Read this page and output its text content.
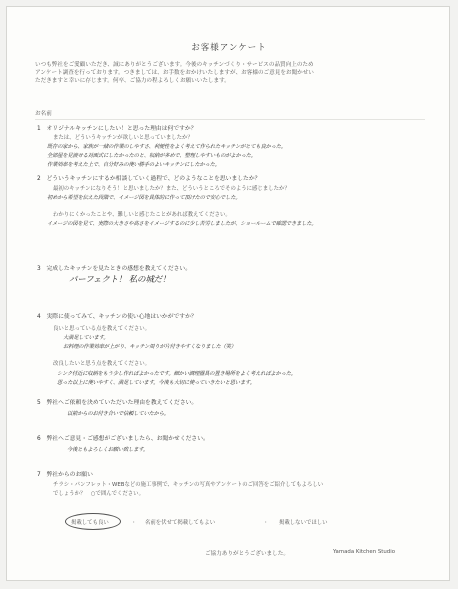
お客様アンケート
いつも弊社をご愛顧いただき、誠にありがとうございます。今後のキッチンづくり・サービスの品質向上のため
アンケート調査を行っております。つきましては、お手数をおかけいたしますが、お客様のご意見をお聞かせい
ただきますと幸いに存じます。何卒、ご協力の程よろしくお願いいたします。
お名前
1　オリジナルキッチンにしたい！と思った理由は何ですか？
または、どういうキッチンが欲しいと思っていましたか？
既存の家から、家族が一緒の作業のしやすさ、利便性をよく考えて作られたキッチンがとても良かった。
全部屋を見渡せる対面式にしたかったのと、収納が多めで、整理しやすいものがよかった。
作業効率を考えた上で、自分好みの使い勝手のよいキッチンにしたかった。
2　どういうキッチンにするか相談していく過程で、どのようなことを思いましたか？
最初のキッチンになりそう！と思いましたか？また、どういうところでそのように感じましたか？
初めから希望を伝えた段階で、イメージ図を具体的に作って頂けたので安心でした。
わかりにくかったことや、難しいと感じたことがあれば教えてください。
イメージの図を見て、実際の大きさや高さをイメージするのに少し苦労しましたが、ショールームで確認できました。
3　完成したキッチンを見たときの感想を教えてください。
パーフェクト！ 私の城だ！
4　実際に使ってみて、キッチンの使い心地はいかがですか？
良いと思っている点を教えてください。
大満足しています。
お料理の作業効率が上がり、キッチン周りが片付きやすくなりました（笑）
改良したいと思う点を教えてください。
シンク付近に収納をもう少し作ればよかったです。細かい調理器具の置き場所をよく考えればよかった。
思った以上に使いやすく、満足しています。今後も大切に使っていきたいと思います。
5　弊社へご依頼を決めていただいた理由を教えてください。
以前からのお付き合いで信頼していたから。
6　弊社へご意見・ご感想がございましたら、お聞かせください。
今後ともよろしくお願い致します。
7　弊社からのお願い
チラシ・パンフレット・WEBなどの施工事例で、キッチンの写真やアンケートのご回答をご紹介してもよろしい
でしょうか？　○で囲んでください。
掲載しても良い	・ 名前を伏せて掲載してもよい	・ 掲載しないでほしい
ご協力ありがとうございました。	Yamada Kitchen Studio
